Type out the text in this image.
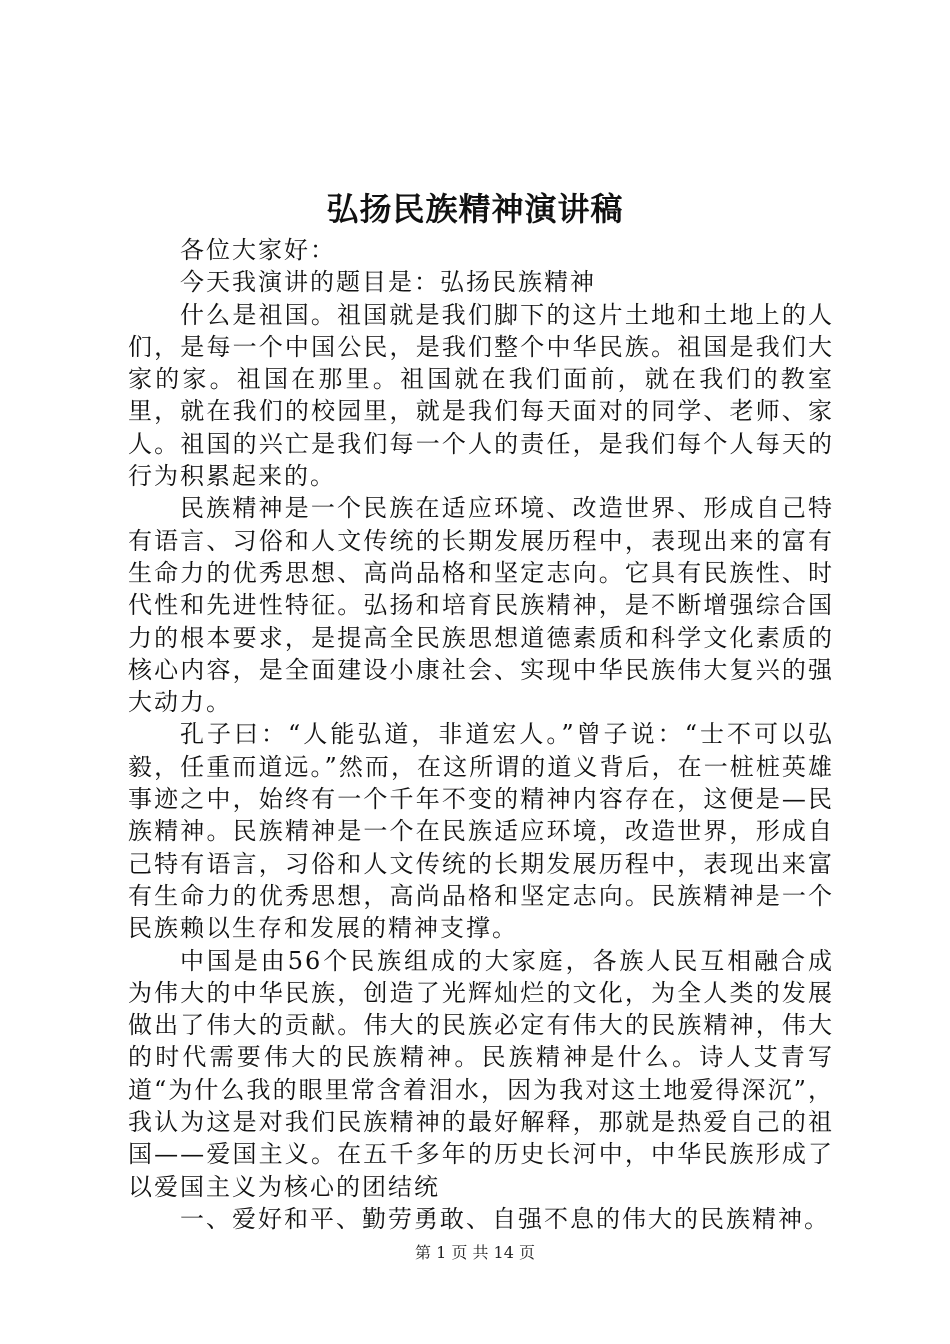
弘扬民族精神演讲稿

各位大家好：

今天我演讲的题目是：弘扬民族精神

什么是祖国。祖国就是我们脚下的这片土地和土地上的人们，是每一个中国公民，是我们整个中华民族。祖国是我们大家的家。祖国在那里。祖国就在我们面前，就在我们的教室里，就在我们的校园里，就是我们每天面对的同学、老师、家人。祖国的兴亡是我们每一个人的责任，是我们每个人每天的行为积累起来的。

民族精神是一个民族在适应环境、改造世界、形成自己特有语言、习俗和人文传统的长期发展历程中，表现出来的富有生命力的优秀思想、高尚品格和坚定志向。它具有民族性、时代性和先进性特征。弘扬和培育民族精神，是不断增强综合国力的根本要求，是提高全民族思想道德素质和科学文化素质的核心内容，是全面建设小康社会、实现中华民族伟大复兴的强大动力。

孔子曰：“人能弘道，非道宏人。”曾子说：“士不可以弘毅，任重而道远。”然而，在这所谓的道义背后，在一桩桩英雄事迹之中，始终有一个千年不变的精神内容存在，这便是—民族精神。民族精神是一个在民族适应环境，改造世界，形成自己特有语言，习俗和人文传统的长期发展历程中，表现出来富有生命力的优秀思想，高尚品格和坚定志向。民族精神是一个民族赖以生存和发展的精神支撑。

中国是由56个民族组成的大家庭，各族人民互相融合成为伟大的中华民族，创造了光辉灿烂的文化，为全人类的发展做出了伟大的贡献。伟大的民族必定有伟大的民族精神，伟大的时代需要伟大的民族精神。民族精神是什么。诗人艾青写道“为什么我的眼里常含着泪水，因为我对这土地爱得深沉”，我认为这是对我们民族精神的最好解释，那就是热爱自己的祖国——爱国主义。在五千多年的历史长河中，中华民族形成了以爱国主义为核心的团结统

一、爱好和平、勤劳勇敢、自强不息的伟大的民族精神。

第 1 页 共 14 页
